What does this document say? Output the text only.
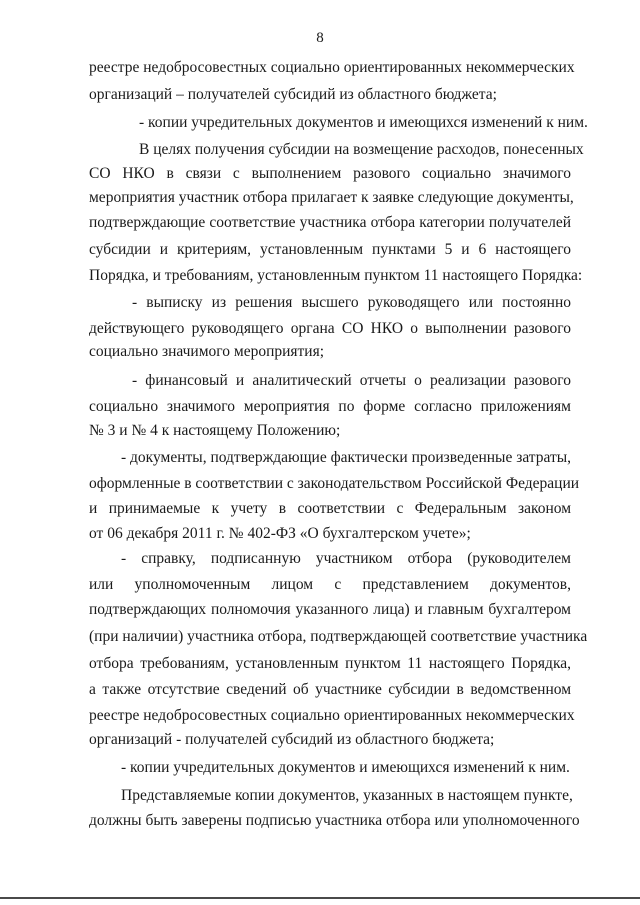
8
реестре недобросовестных социально ориентированных некоммерческих
организаций – получателей субсидий из областного бюджета;
- копии учредительных документов и имеющихся изменений к ним.
В целях получения субсидии на возмещение расходов, понесенных
СО НКО в связи с выполнением разового социально значимого
мероприятия участник отбора прилагает к заявке следующие документы,
подтверждающие соответствие участника отбора категории получателей
субсидии и критериям, установленным пунктами 5 и 6 настоящего
Порядка, и требованиям, установленным пунктом 11 настоящего Порядка:
- выписку из решения высшего руководящего или постоянно
действующего руководящего органа СО НКО о выполнении разового
социально значимого мероприятия;
- финансовый и аналитический отчеты о реализации разового
социально значимого мероприятия по форме согласно приложениям
№ 3 и № 4 к настоящему Положению;
- документы, подтверждающие фактически произведенные затраты,
оформленные в соответствии с законодательством Российской Федерации
и принимаемые к учету в соответствии с Федеральным законом
от 06 декабря 2011 г. № 402-ФЗ «О бухгалтерском учете»;
- справку, подписанную участником отбора (руководителем
или уполномоченным лицом с представлением документов,
подтверждающих полномочия указанного лица) и главным бухгалтером
(при наличии) участника отбора, подтверждающей соответствие участника
отбора требованиям, установленным пунктом 11 настоящего Порядка,
а также отсутствие сведений об участнике субсидии в ведомственном
реестре недобросовестных социально ориентированных некоммерческих
организаций - получателей субсидий из областного бюджета;
- копии учредительных документов и имеющихся изменений к ним.
Представляемые копии документов, указанных в настоящем пункте,
должны быть заверены подписью участника отбора или уполномоченного
